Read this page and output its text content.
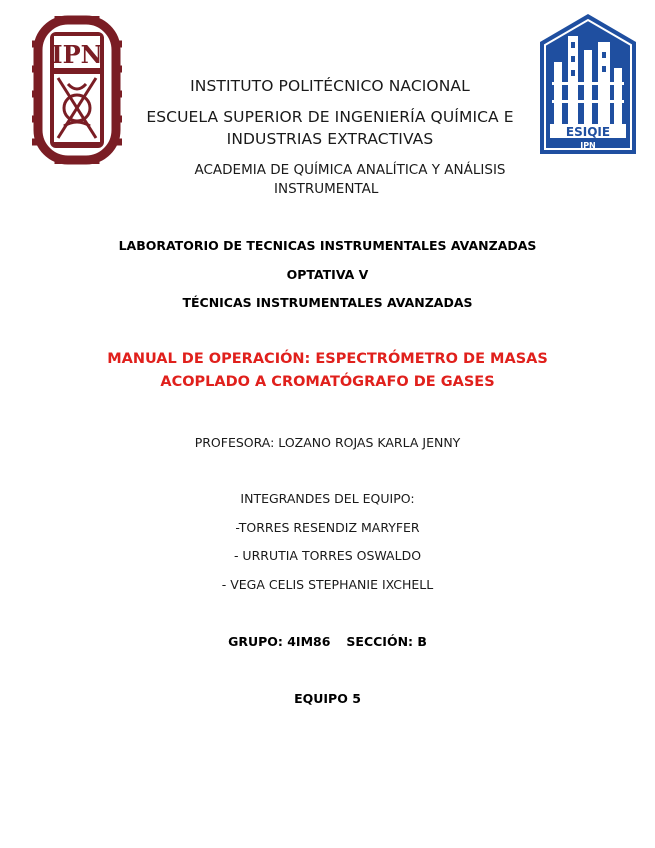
IPN
ESIQIE
IPN
INSTITUTO POLITÉCNICO NACIONAL
ESCUELA SUPERIOR DE INGENIERÍA QUÍMICA E
INDUSTRIAS EXTRACTIVAS
ACADEMIA DE QUÍMICA ANALÍTICA Y ANÁLISIS
INSTRUMENTAL
LABORATORIO DE TECNICAS INSTRUMENTALES AVANZADAS
OPTATIVA V
TÉCNICAS INSTRUMENTALES AVANZADAS
MANUAL DE OPERACIÓN: ESPECTRÓMETRO DE MASAS
ACOPLADO A CROMATÓGRAFO DE GASES
PROFESORA: LOZANO ROJAS KARLA JENNY
INTEGRANDES DEL EQUIPO:
-TORRES RESENDIZ MARYFER
- URRUTIA TORRES OSWALDO
- VEGA CELIS STEPHANIE IXCHELL
GRUPO: 4IM86 SECCIÓN: B
EQUIPO 5
